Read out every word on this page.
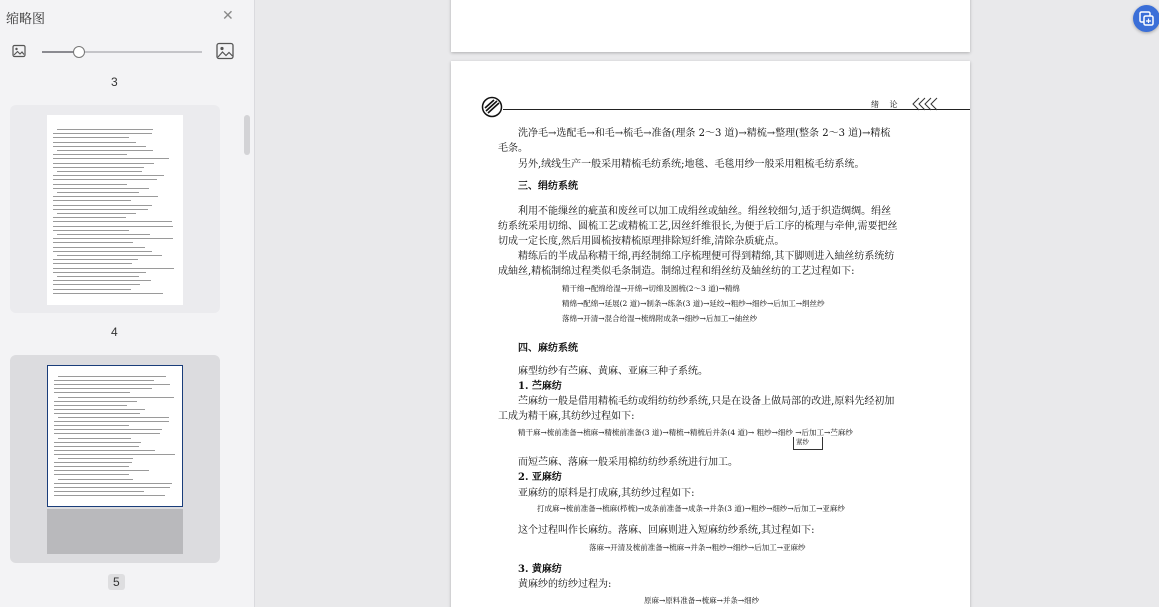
缩略图	✕
3
4
5
绪 论
洗净毛→选配毛→和毛→梳毛→准备(理条 2～3 道)→精梳→整理(整条 2～3 道)→精梳
毛条。
另外,绒线生产一般采用精梳毛纺系统;地毯、毛毯用纱一般采用粗梳毛纺系统。
三、绢纺系统
利用不能缫丝的疵茧和废丝可以加工成绢丝或紬丝。绢丝较细匀,适于织造绸绸。绢丝
纺系统采用切绵、圆梳工艺或精梳工艺,因丝纤维很长,为便于后工序的梳理与牵伸,需要把丝
切成一定长度,然后用圆梳按精梳原理排除短纤维,清除杂质疵点。
精练后的半成品称精干绵,再经制绵工序梳理便可得到精绵,其下脚则进入紬丝纺系统纺
成紬丝,精梳制绵过程类似毛条制造。制绵过程和绢丝纺及紬丝纺的工艺过程如下:
精干绵→配绵给湿→开绵→切绵及圆梳(2～3 道)→精绵
精绵→配绵→延展(2 道)→制条→练条(3 道)→延绞→粗纱→细纱→后加工→绢丝纱
落绵→开清→混合给湿→梳绵附成条→细纱→后加工→紬丝纱
四、麻纺系统
麻型纺纱有苎麻、黄麻、亚麻三种子系统。
1. 苎麻纺
苎麻纺一般是借用精梳毛纺或绢纺纺纱系统,只是在设备上做局部的改进,原料先经初加
工成为精干麻,其纺纱过程如下:
精干麻→梳前准备→梳麻→精梳前准备(3 道)→精梳→精梳后并条(4 道)→ 粗纱→细纱 →后加工→苎麻纱
紧纱
而短苎麻、落麻一般采用棉纺纺纱系统进行加工。
2. 亚麻纺
亚麻纺的原料是打成麻,其纺纱过程如下:
打成麻→梳前准备→梳麻(栉梳)→成条前准备→成条→并条(3 道)→粗纱→细纱→后加工→亚麻纱
这个过程叫作长麻纺。落麻、回麻则进入短麻纺纱系统,其过程如下:
落麻→开清及梳前准备→梳麻→并条→粗纱→细纱→后加工→亚麻纱
3. 黄麻纺
黄麻纱的纺纱过程为:
原麻→原料准备→梳麻→并条→细纱
